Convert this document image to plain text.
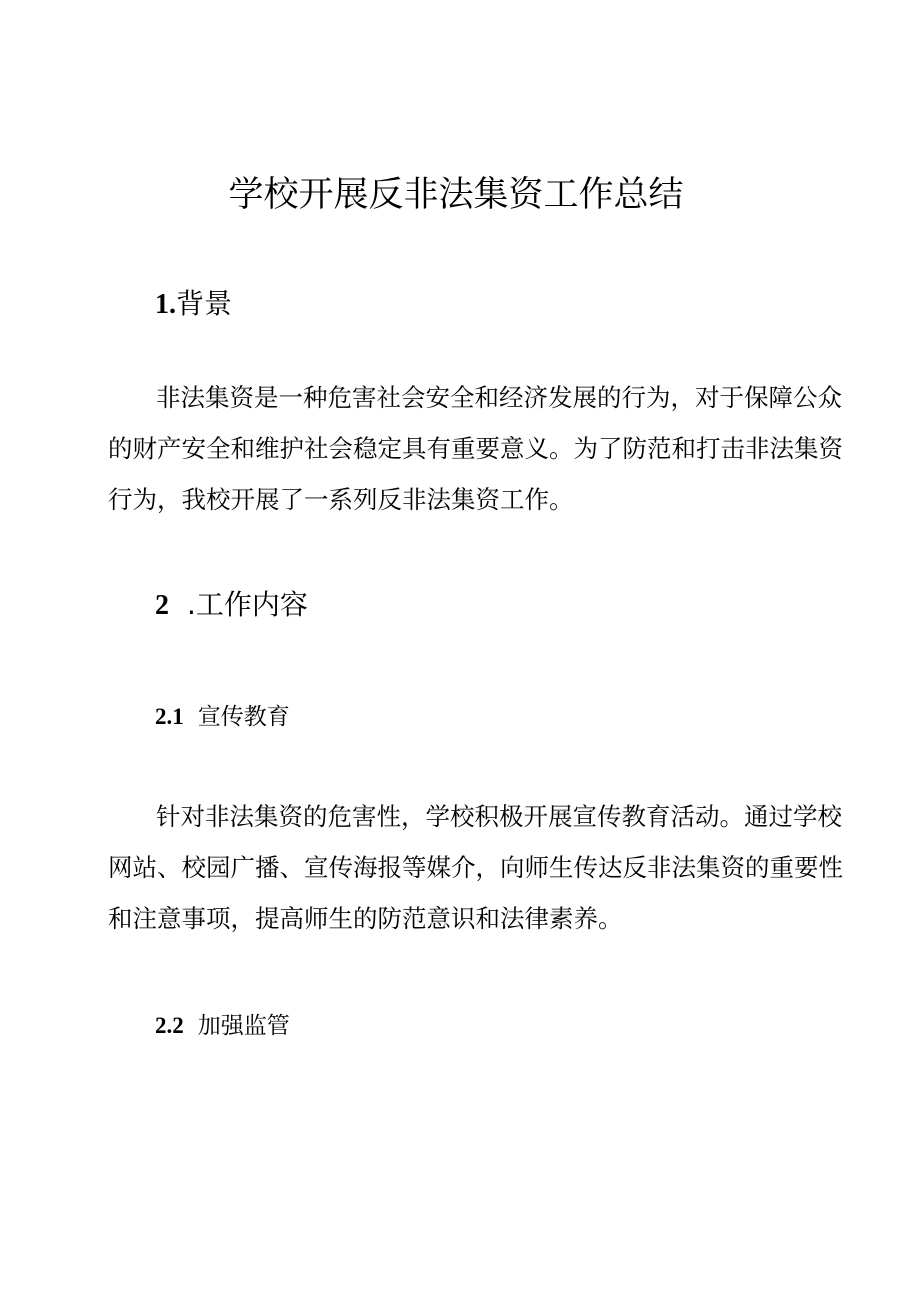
学校开展反非法集资工作总结
1.背景
非法集资是一种危害社会安全和经济发展的行为，对于保障公众
的财产安全和维护社会稳定具有重要意义。为了防范和打击非法集资
行为，我校开展了一系列反非法集资工作。
2 .工作内容
2.1 宣传教育
针对非法集资的危害性，学校积极开展宣传教育活动。通过学校
网站、校园广播、宣传海报等媒介，向师生传达反非法集资的重要性
和注意事项，提高师生的防范意识和法律素养。
2.2 加强监管
